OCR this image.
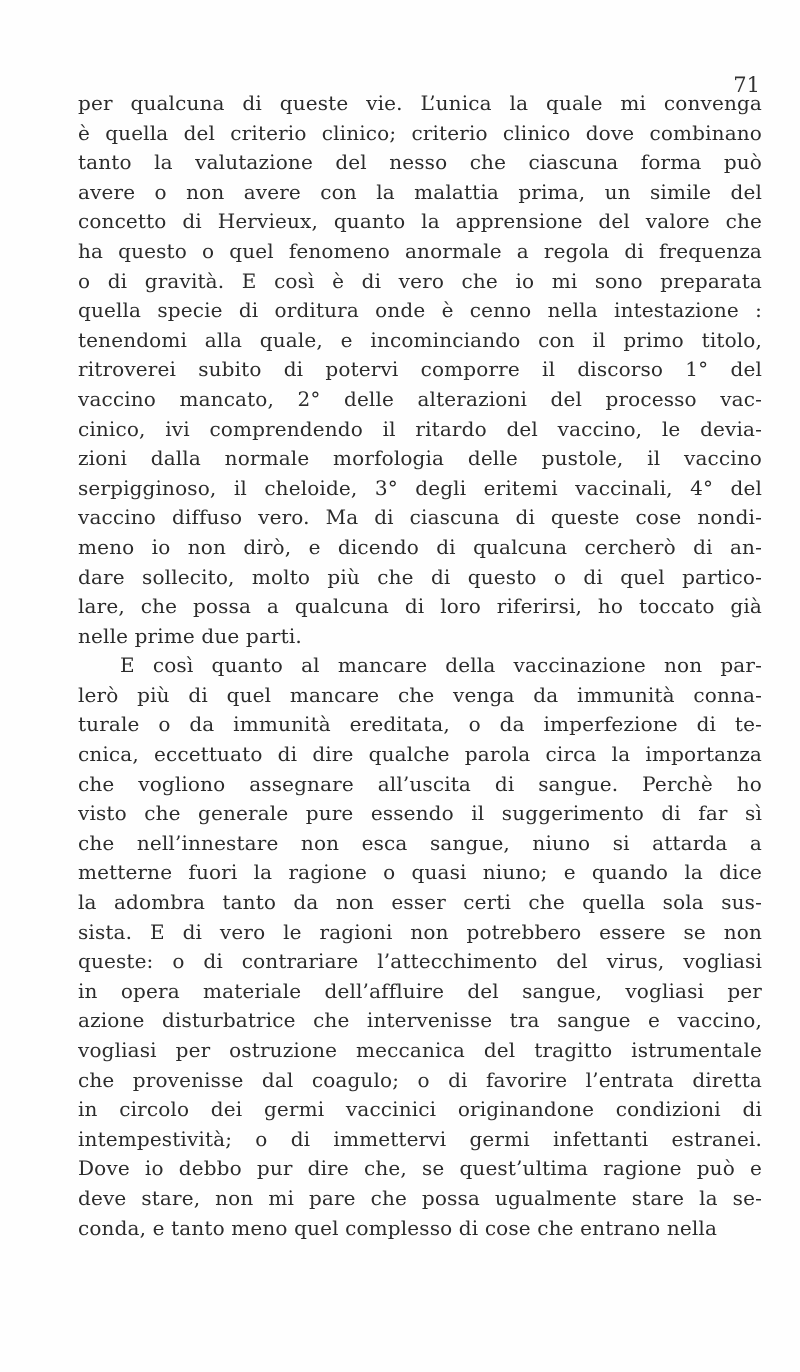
71
per qualcuna di queste vie. L’unica la quale mi convenga
è quella del criterio clinico; criterio clinico dove combinano
tanto la valutazione del nesso che ciascuna forma può
avere o non avere con la malattia prima, un simile del
concetto di Hervieux, quanto la apprensione del valore che
ha questo o quel fenomeno anormale a regola di frequenza
o di gravità. E così è di vero che io mi sono preparata
quella specie di orditura onde è cenno nella intestazione :
tenendomi alla quale, e incominciando con il primo titolo,
ritroverei subito di potervi comporre il discorso 1° del
vaccino mancato, 2° delle alterazioni del processo vac-
cinico, ivi comprendendo il ritardo del vaccino, le devia-
zioni dalla normale morfologia delle pustole, il vaccino
serpigginoso, il cheloide, 3° degli eritemi vaccinali, 4° del
vaccino diffuso vero. Ma di ciascuna di queste cose nondi-
meno io non dirò, e dicendo di qualcuna cercherò di an-
dare sollecito, molto più che di questo o di quel partico-
lare, che possa a qualcuna di loro riferirsi, ho toccato già
nelle prime due parti.
E così quanto al mancare della vaccinazione non par-
lerò più di quel mancare che venga da immunità conna-
turale o da immunità ereditata, o da imperfezione di te-
cnica, eccettuato di dire qualche parola circa la importanza
che vogliono assegnare all’uscita di sangue. Perchè ho
visto che generale pure essendo il suggerimento di far sì
che nell’innestare non esca sangue, niuno si attarda a
metterne fuori la ragione o quasi niuno; e quando la dice
la adombra tanto da non esser certi che quella sola sus-
sista. E di vero le ragioni non potrebbero essere se non
queste: o di contrariare l’attecchimento del virus, vogliasi
in opera materiale dell’affluire del sangue, vogliasi per
azione disturbatrice che intervenisse tra sangue e vaccino,
vogliasi per ostruzione meccanica del tragitto istrumentale
che provenisse dal coagulo; o di favorire l’entrata diretta
in circolo dei germi vaccinici originandone condizioni di
intempestività; o di immettervi germi infettanti estranei.
Dove io debbo pur dire che, se quest’ultima ragione può e
deve stare, non mi pare che possa ugualmente stare la se-
conda, e tanto meno quel complesso di cose che entrano nella
